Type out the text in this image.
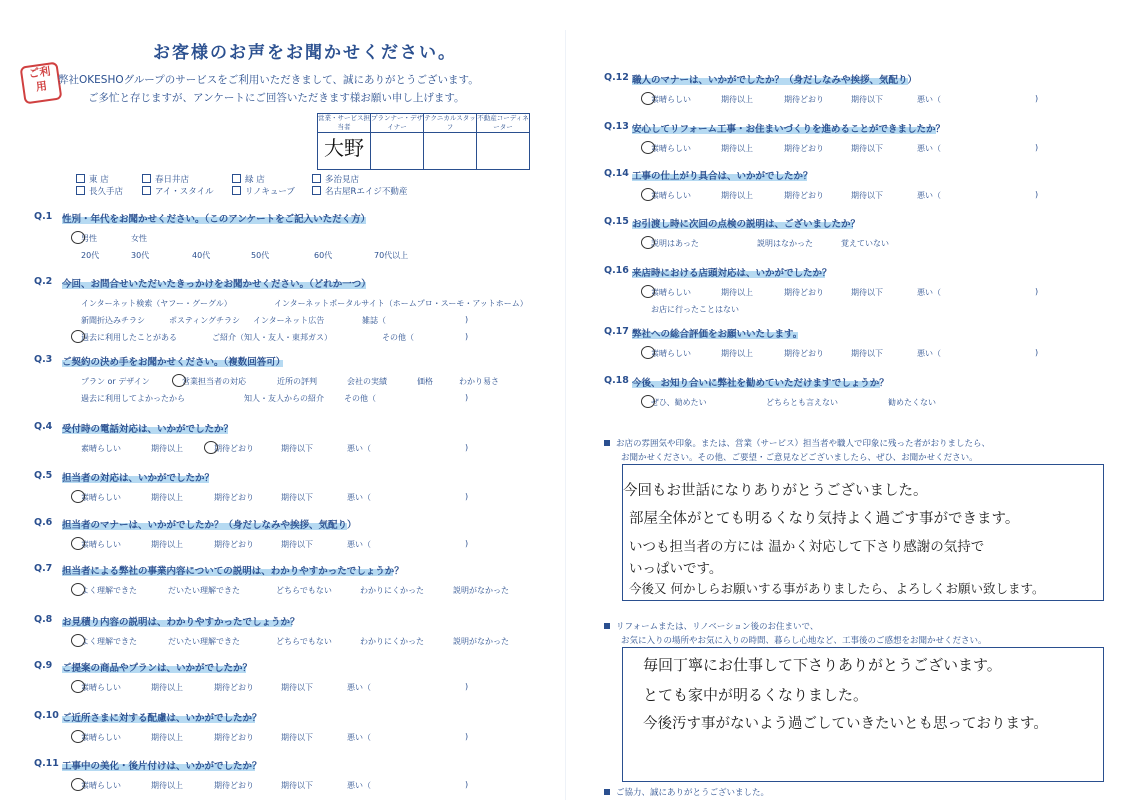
お客様のお声をお聞かせください。
ご利
用 弊社OKESHOグループのサービスをご利用いただきまして、誠にありがとうございます。
ご多忙と存じますが、アンケートにご回答いただきます様お願い申し上げます。
営業・サービス担当者	プランナー・デザイナー	テクニカルスタッフ	不動産コーディネーター
大野			
東 店	春日井店	緑 店	多治見店
長久手店	アイ・スタイル	リノキューブ	名古屋Rエイジ不動産
Q.1 性別・年代をお聞かせください。（このアンケートをご記入いただく方）
男性	女性
20代	30代	40代	50代	60代	70代以上
Q.2 今回、お問合せいただいたきっかけをお聞かせください。（どれか一つ）
インターネット検索（ヤフー・グーグル）	インターネットポータルサイト（ホームプロ・スーモ・アットホーム）
新聞折込みチラシ	ポスティングチラシ インターネット広告	雑誌（	)
過去に利用したことがある	ご紹介（知人・友人・東邦ガス）	その他（	)
Q.3 ご契約の決め手をお聞かせください。（複数回答可）
プラン or デザイン	営業担当者の対応	近所の評判	会社の実績	価格	わかり易さ
過去に利用してよかったから	知人・友人からの紹介	その他（	)
Q.4 受付時の電話対応は、いかがでしたか？
素晴らしい	期待以上	期待どおり	期待以下	悪い（	)
Q.5 担当者の対応は、いかがでしたか？
素晴らしい	期待以上	期待どおり	期待以下	悪い（	)
Q.6 担当者のマナーは、いかがでしたか？（身だしなみや挨拶、気配り）
素晴らしい	期待以上	期待どおり	期待以下	悪い（	)
Q.7 担当者による弊社の事業内容についての説明は、わかりやすかったでしょうか？
よく理解できた	だいたい理解できた	どちらでもない	わかりにくかった	説明がなかった
Q.8 お見積り内容の説明は、わかりやすかったでしょうか？
よく理解できた	だいたい理解できた	どちらでもない	わかりにくかった	説明がなかった
Q.9 ご提案の商品やプランは、いかがでしたか？
素晴らしい	期待以上	期待どおり	期待以下	悪い（	)
Q.10 ご近所さまに対する配慮は、いかがでしたか？
素晴らしい	期待以上	期待どおり	期待以下	悪い（	)
Q.11 工事中の美化・後片付けは、いかがでしたか？
素晴らしい	期待以上	期待どおり	期待以下	悪い（	)
Q.12 職人のマナーは、いかがでしたか？（身だしなみや挨拶、気配り）
素晴らしい	期待以上	期待どおり	期待以下	悪い（	)
Q.13 安心してリフォーム工事・お住まいづくりを進めることができましたか？
素晴らしい	期待以上	期待どおり	期待以下	悪い（	)
Q.14 工事の仕上がり具合は、いかがでしたか？
素晴らしい	期待以上	期待どおり	期待以下	悪い（	)
Q.15 お引渡し時に次回の点検の説明は、ございましたか？
説明はあった	説明はなかった	覚えていない
Q.16 来店時における店頭対応は、いかがでしたか？
素晴らしい	期待以上	期待どおり	期待以下	悪い（	)
お店に行ったことはない
Q.17 弊社への総合評価をお願いいたします。
素晴らしい	期待以上	期待どおり	期待以下	悪い（	)
Q.18 今後、お知り合いに弊社を勧めていただけますでしょうか？
ぜひ、勧めたい	どちらとも言えない	勧めたくない
お店の雰囲気や印象。または、営業（サービス）担当者や職人で印象に残った者がおりましたら、
お聞かせください。その他、ご要望・ご意見などございましたら、ぜひ、お聞かせください。
今回もお世話になりありがとうございました。
部屋全体がとても明るくなり気持よく過ごす事ができます。
いつも担当者の方には 温かく対応して下さり感謝の気持で
いっぱいです。
今後又 何かしらお願いする事がありましたら、よろしくお願い致します。
リフォームまたは、リノベーション後のお住まいで、
お気に入りの場所やお気に入りの時間、暮らし心地など、工事後のご感想をお聞かせください。
毎回丁寧にお仕事して下さりありがとうございます。
とても家中が明るくなりました。
今後汚す事がないよう過ごしていきたいとも思っております。
ご協力、誠にありがとうございました。
